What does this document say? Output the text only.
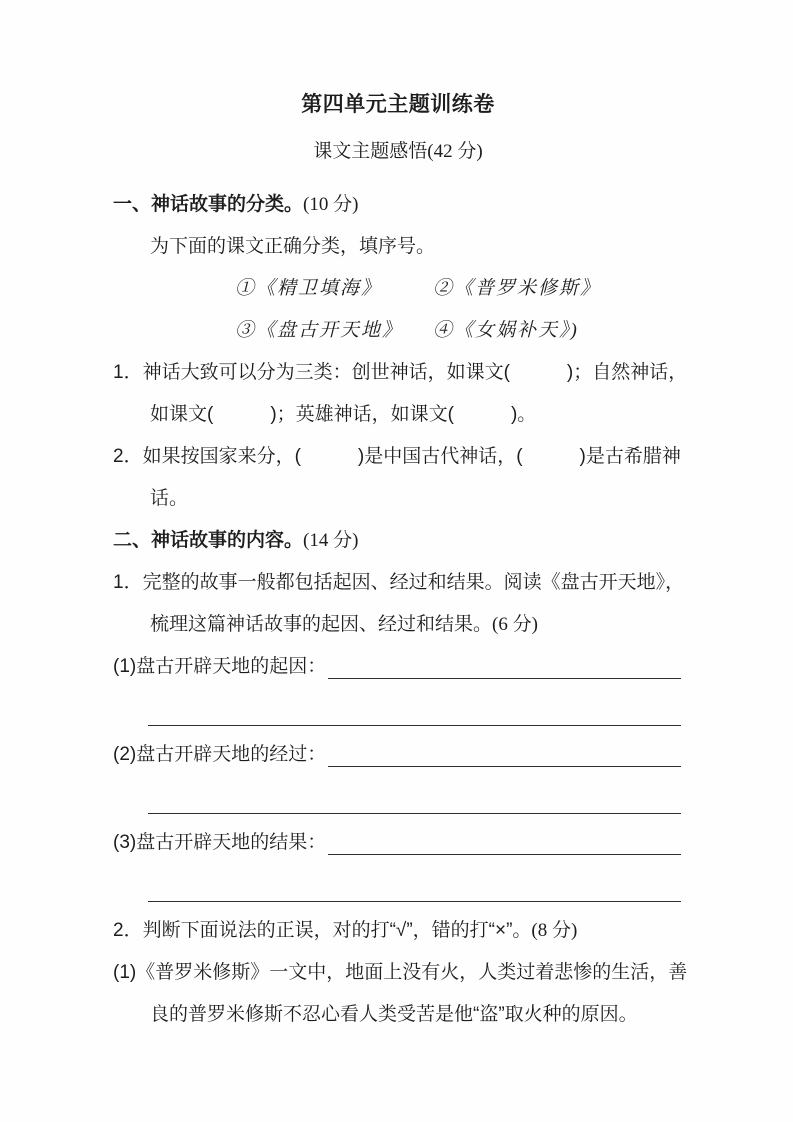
第四单元主题训练卷
课文主题感悟(42 分)
一、神话故事的分类。(10 分)
为下面的课文正确分类，填序号。
①《精卫填海》	②《普罗米修斯》
③《盘古开天地》 ④《女娲补天》)
1．神话大致可以分为三类：创世神话，如课文(　　　)；自然神话，
如课文(　　　)；英雄神话，如课文(　　　)。
2．如果按国家来分，(　　　)是中国古代神话，(　　　)是古希腊神
话。
二、神话故事的内容。(14 分)
1．完整的故事一般都包括起因、经过和结果。阅读《盘古开天地》，
梳理这篇神话故事的起因、经过和结果。(6 分)
(1)盘古开辟天地的起因：
(2)盘古开辟天地的经过：
(3)盘古开辟天地的结果：
2．判断下面说法的正误，对的打“√”，错的打“×”。(8 分)
(1)《普罗米修斯》一文中，地面上没有火，人类过着悲惨的生活，善
良的普罗米修斯不忍心看人类受苦是他“盗”取火种的原因。
